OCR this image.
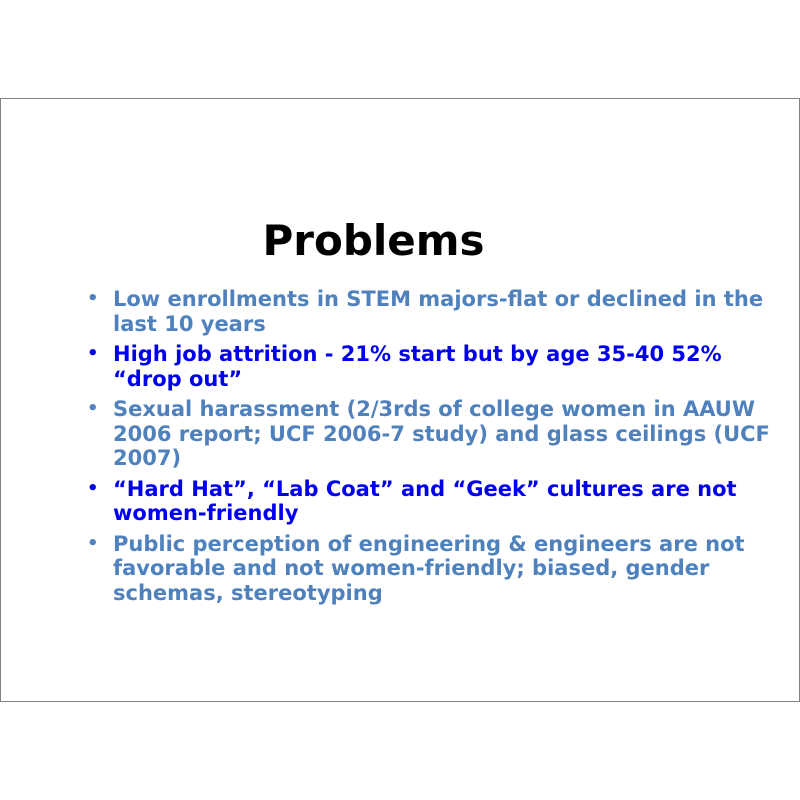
Problems
• Low enrollments in STEM majors-flat or declined in the last 10 years
• High job attrition - 21% start but by age 35-40 52% “drop out”
• Sexual harassment (2/3rds of college women in AAUW 2006 report; UCF 2006-7 study) and glass ceilings (UCF 2007)
• “Hard Hat”, “Lab Coat” and “Geek” cultures are not women-friendly
• Public perception of engineering & engineers are not favorable and not women-friendly; biased, gender schemas, stereotyping
